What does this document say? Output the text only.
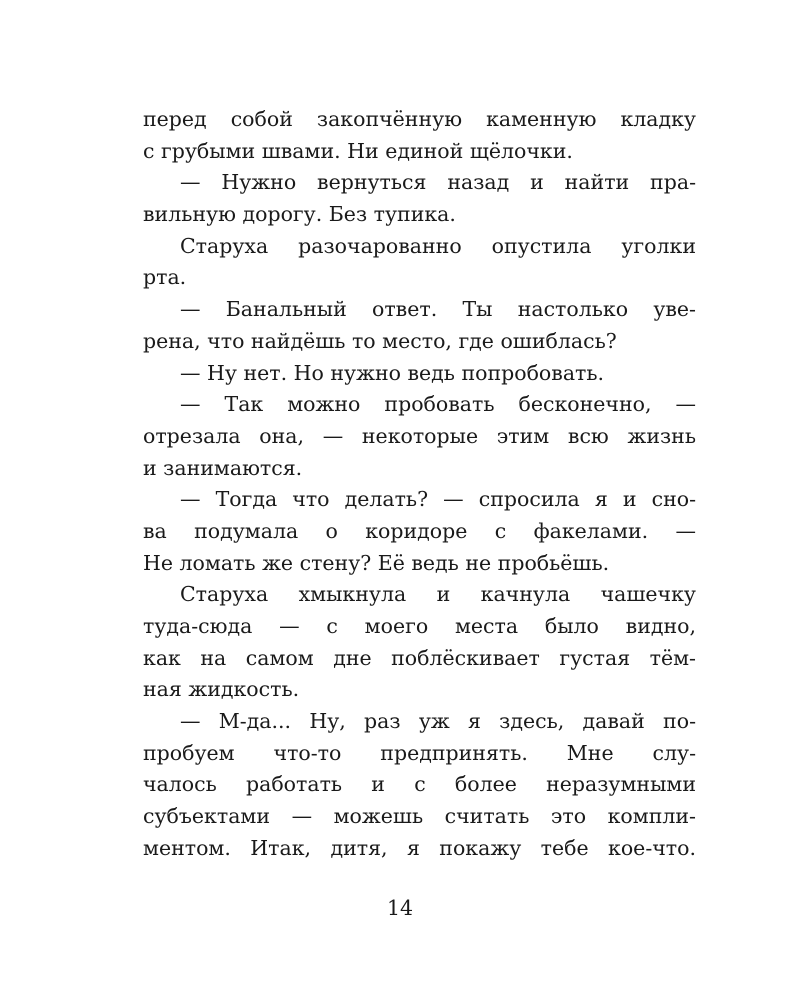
перед собой закопчённую каменную кладку
с грубыми швами. Ни единой щёлочки.
— Нужно вернуться назад и найти пра-
вильную дорогу. Без тупика.
Старуха разочарованно опустила уголки
рта.
— Банальный ответ. Ты настолько уве-
рена, что найдёшь то место, где ошиблась?
— Ну нет. Но нужно ведь попробовать.
— Так можно пробовать бесконечно, —
отрезала она, — некоторые этим всю жизнь
и занимаются.
— Тогда что делать? — спросила я и сно-
ва подумала о коридоре с факелами. —
Не ломать же стену? Её ведь не пробьёшь.
Старуха хмыкнула и качнула чашечку
туда-сюда — с моего места было видно,
как на самом дне поблёскивает густая тём-
ная жидкость.
— М-да... Ну, раз уж я здесь, давай по-
пробуем что-то предпринять. Мне слу-
чалось работать и с более неразумными
субъектами — можешь считать это компли-
ментом. Итак, дитя, я покажу тебе кое-что.
14
